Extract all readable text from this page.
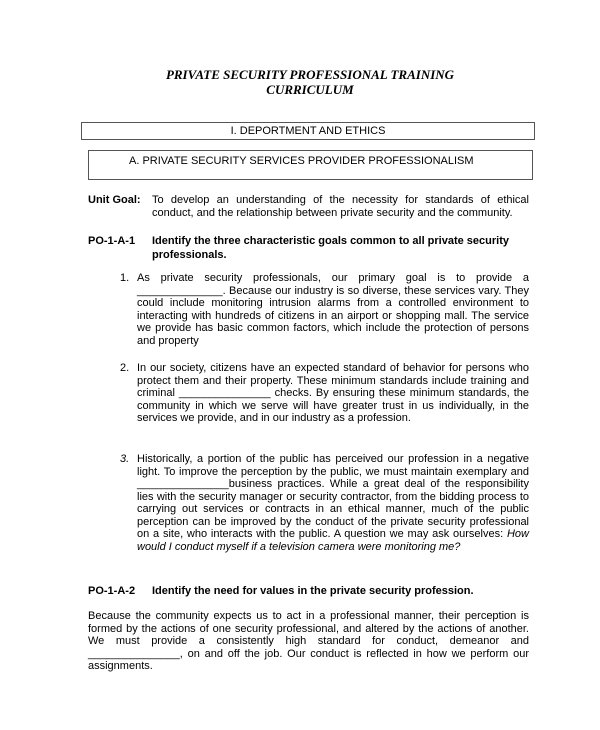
PRIVATE SECURITY PROFESSIONAL TRAINING
CURRICULUM
I. DEPORTMENT AND ETHICS
A. PRIVATE SECURITY SERVICES PROVIDER PROFESSIONALISM
Unit Goal: To develop an understanding of the necessity for standards of ethical conduct, and the relationship between private security and the community.
PO-1-A-1 Identify the three characteristic goals common to all private security professionals.
1. As private security professionals, our primary goal is to provide a ______________. Because our industry is so diverse, these services vary. They could include monitoring intrusion alarms from a controlled environment to interacting with hundreds of citizens in an airport or shopping mall. The service we provide has basic common factors, which include the protection of persons and property
2. In our society, citizens have an expected standard of behavior for persons who protect them and their property. These minimum standards include training and criminal _______________ checks. By ensuring these minimum standards, the community in which we serve will have greater trust in us individually, in the services we provide, and in our industry as a profession.
3. Historically, a portion of the public has perceived our profession in a negative light. To improve the perception by the public, we must maintain exemplary and _______________business practices. While a great deal of the responsibility lies with the security manager or security contractor, from the bidding process to carrying out services or contracts in an ethical manner, much of the public perception can be improved by the conduct of the private security professional on a site, who interacts with the public. A question we may ask ourselves: How would I conduct myself if a television camera were monitoring me?
PO-1-A-2 Identify the need for values in the private security profession.
Because the community expects us to act in a professional manner, their perception is formed by the actions of one security professional, and altered by the actions of another. We must provide a consistently high standard for conduct, demeanor and _______________, on and off the job. Our conduct is reflected in how we perform our assignments.
